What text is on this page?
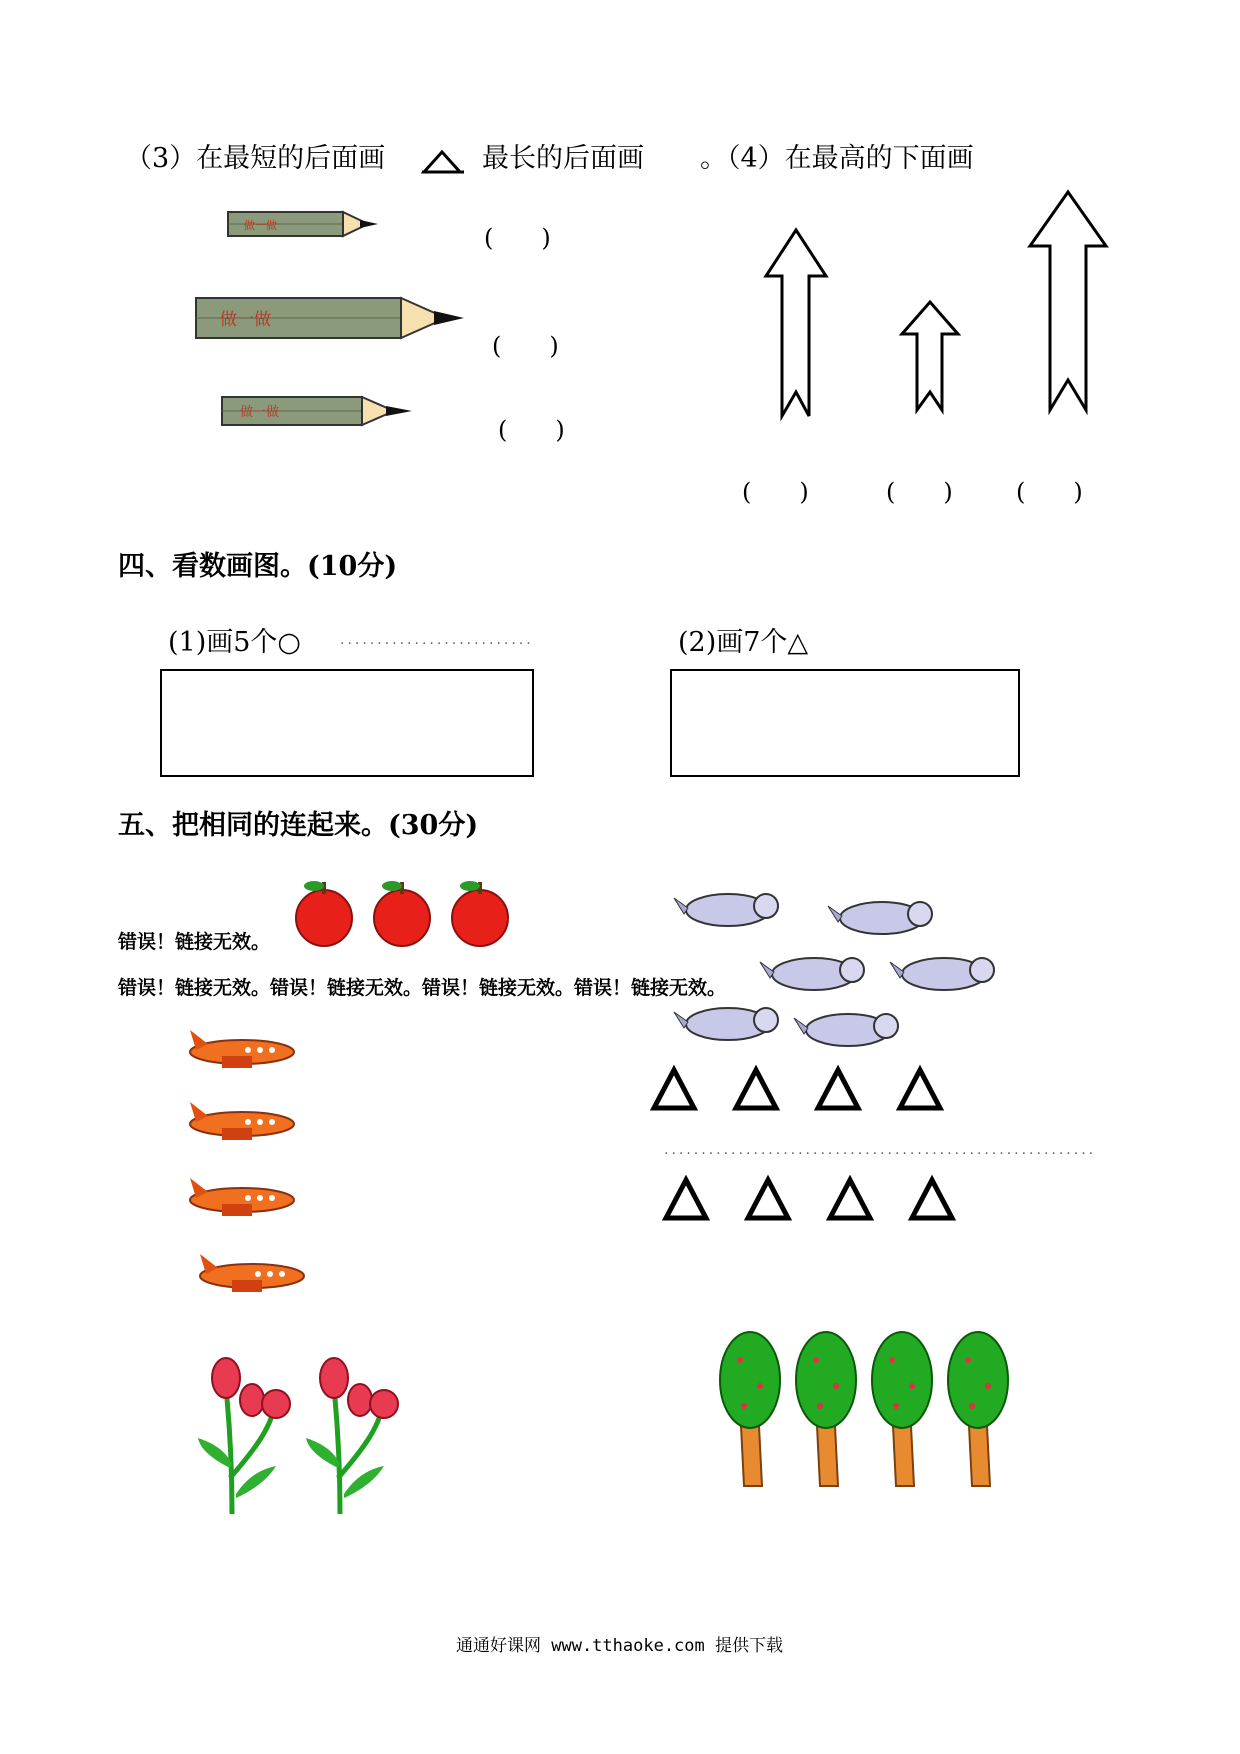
（3）在最短的后面画	最长的后面画 。（4）在最高的下面画
做一做
做一做
做一做
(　　)
(　　)
(　　)
(　　)	(　　)	(　　)
四、看数画图。(10分)
(1)画5个○	..........................	(2)画7个△
五、把相同的连起来。(30分)
错误！链接无效。
错误！链接无效。错误！链接无效。错误！链接无效。错误！链接无效。
..........................................................
通通好课网 www.tthaoke.com 提供下载
